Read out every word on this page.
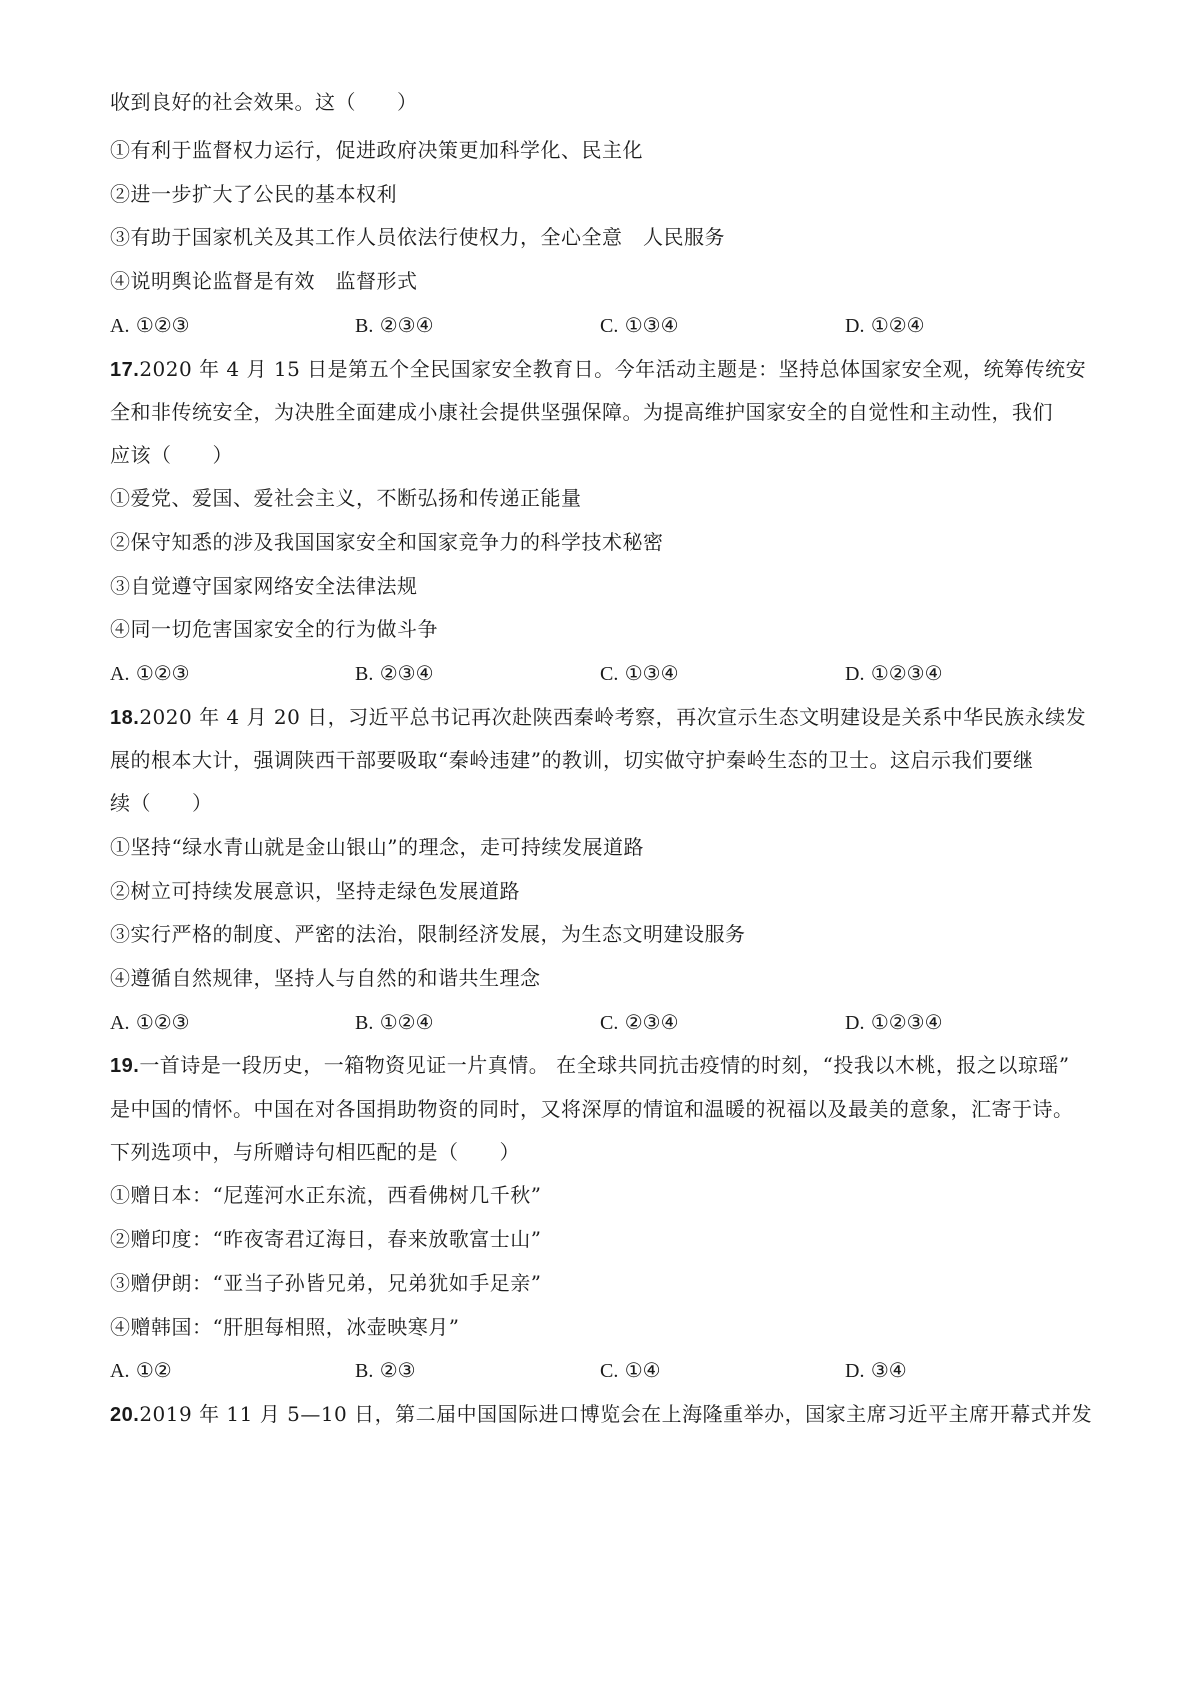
收到良好的社会效果。这（　　）
①有利于监督权力运行，促进政府决策更加科学化、民主化
②进一步扩大了公民的基本权利
③有助于国家机关及其工作人员依法行使权力，全心全意　人民服务
④说明舆论监督是有效　监督形式
A. ①②③	B. ②③④	C. ①③④	D. ①②④
17.2020 年 4 月 15 日是第五个全民国家安全教育日。今年活动主题是：坚持总体国家安全观，统筹传统安
全和非传统安全，为决胜全面建成小康社会提供坚强保障。为提高维护国家安全的自觉性和主动性，我们
应该（　　）
①爱党、爱国、爱社会主义，不断弘扬和传递正能量
②保守知悉的涉及我国国家安全和国家竞争力的科学技术秘密
③自觉遵守国家网络安全法律法规
④同一切危害国家安全的行为做斗争
A. ①②③	B. ②③④	C. ①③④	D. ①②③④
18.2020 年 4 月 20 日，习近平总书记再次赴陕西秦岭考察，再次宣示生态文明建设是关系中华民族永续发
展的根本大计，强调陕西干部要吸取“秦岭违建”的教训，切实做守护秦岭生态的卫士。这启示我们要继
续（　　）
①坚持“绿水青山就是金山银山”的理念，走可持续发展道路
②树立可持续发展意识，坚持走绿色发展道路
③实行严格的制度、严密的法治，限制经济发展，为生态文明建设服务
④遵循自然规律，坚持人与自然的和谐共生理念
A. ①②③	B. ①②④	C. ②③④	D. ①②③④
19.一首诗是一段历史，一箱物资见证一片真情。 在全球共同抗击疫情的时刻，“投我以木桃，报之以琼瑶”
是中国的情怀。中国在对各国捐助物资的同时，又将深厚的情谊和温暖的祝福以及最美的意象，汇寄于诗。
下列选项中，与所赠诗句相匹配的是（　　）
①赠日本：“尼莲河水正东流，西看佛树几千秋”
②赠印度：“昨夜寄君辽海日，春来放歌富士山”
③赠伊朗：“亚当子孙皆兄弟，兄弟犹如手足亲”
④赠韩国：“肝胆每相照，冰壶映寒月”
A. ①②	B. ②③	C. ①④	D. ③④
20.2019 年 11 月 5—10 日，第二届中国国际进口博览会在上海隆重举办，国家主席习近平主席开幕式并发
